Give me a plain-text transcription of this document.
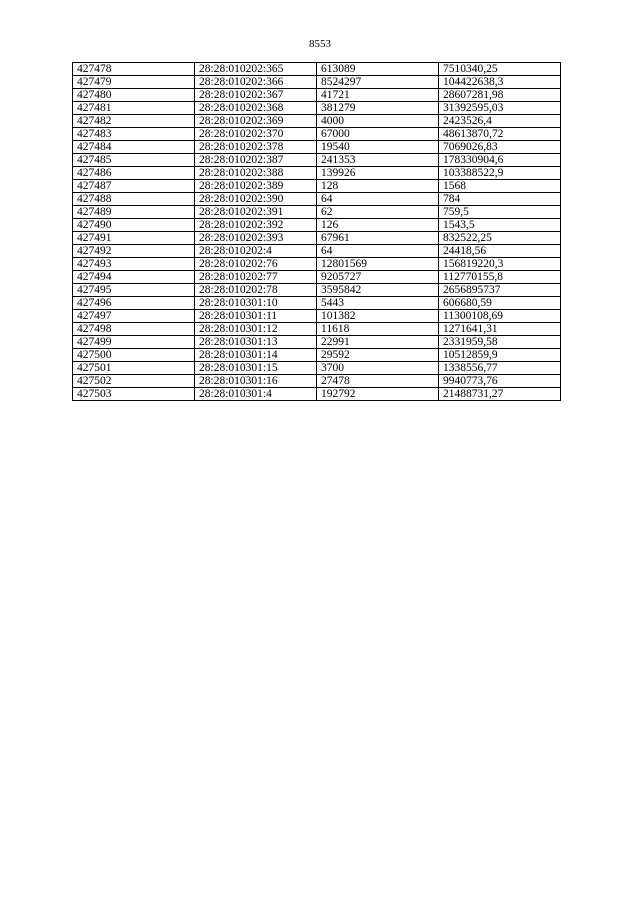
8553
427478	28:28:010202:365	613089	7510340,25
427479	28:28:010202:366	8524297	104422638,3
427480	28:28:010202:367	41721	28607281,98
427481	28:28:010202:368	381279	31392595,03
427482	28:28:010202:369	4000	2423526,4
427483	28:28:010202:370	67000	48613870,72
427484	28:28:010202:378	19540	7069026,83
427485	28:28:010202:387	241353	178330904,6
427486	28:28:010202:388	139926	103388522,9
427487	28:28:010202:389	128	1568
427488	28:28:010202:390	64	784
427489	28:28:010202:391	62	759,5
427490	28:28:010202:392	126	1543,5
427491	28:28:010202:393	67961	832522,25
427492	28:28:010202:4	64	24418,56
427493	28:28:010202:76	12801569	156819220,3
427494	28:28:010202:77	9205727	112770155,8
427495	28:28:010202:78	3595842	2656895737
427496	28:28:010301:10	5443	606680,59
427497	28:28:010301:11	101382	11300108,69
427498	28:28:010301:12	11618	1271641,31
427499	28:28:010301:13	22991	2331959,58
427500	28:28:010301:14	29592	10512859,9
427501	28:28:010301:15	3700	1338556,77
427502	28:28:010301:16	27478	9940773,76
427503	28:28:010301:4	192792	21488731,27
